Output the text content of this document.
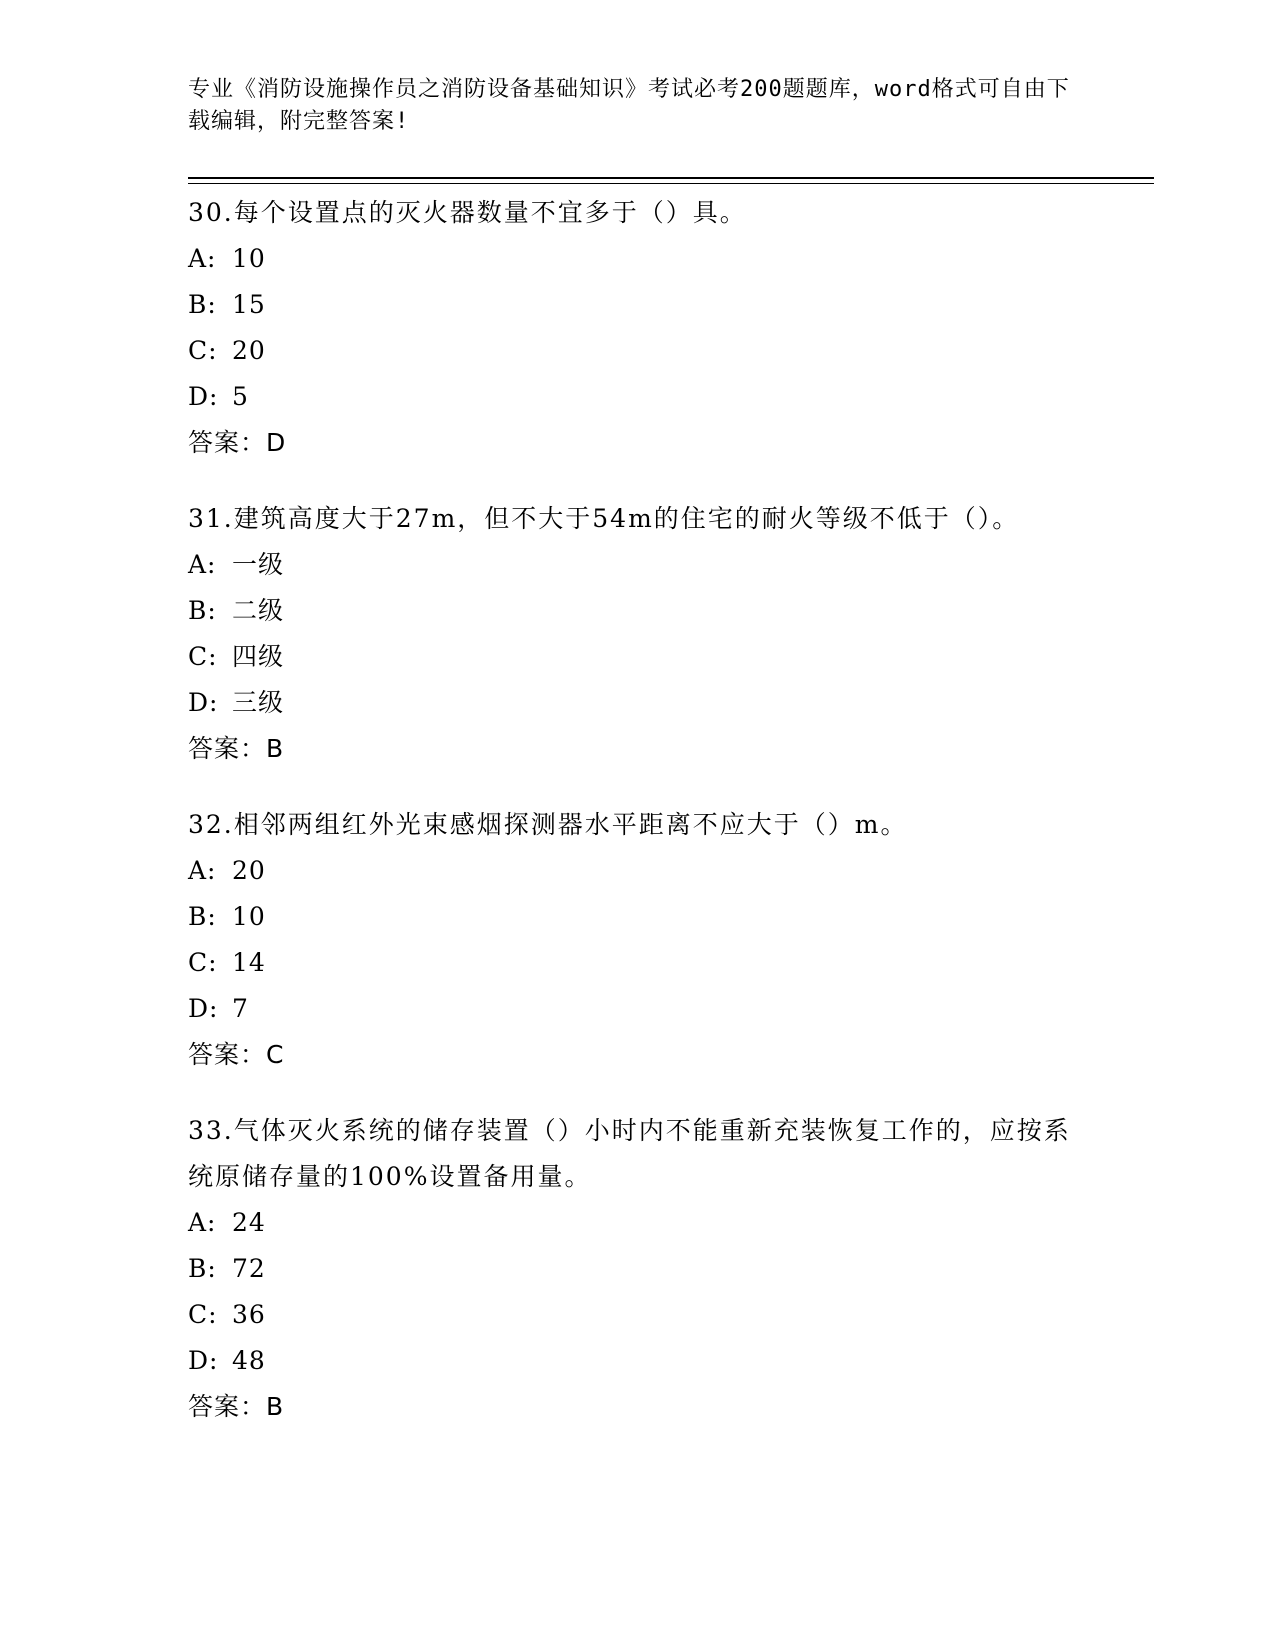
专业《消防设施操作员之消防设备基础知识》考试必考200题题库，word格式可自由下载编辑，附完整答案!

30.每个设置点的灭火器数量不宜多于（）具。

A: 10
B: 15
C: 20
D: 5

答案：D

31.建筑高度大于27m，但不大于54m的住宅的耐火等级不低于（）。

A: 一级
B: 二级
C: 四级
D: 三级

答案：B

32.相邻两组红外光束感烟探测器水平距离不应大于（）m。

A: 20
B: 10
C: 14
D: 7

答案：C

33.气体灭火系统的储存装置（）小时内不能重新充装恢复工作的，应按系统原储存量的100%设置备用量。

A: 24
B: 72
C: 36
D: 48

答案：B
